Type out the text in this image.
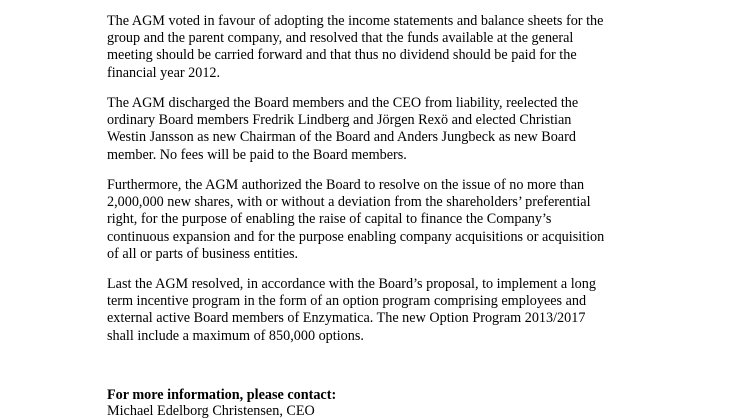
The AGM voted in favour of adopting the income statements and balance sheets for the
group and the parent company, and resolved that the funds available at the general
meeting should be carried forward and that thus no dividend should be paid for the
financial year 2012.

The AGM discharged the Board members and the CEO from liability, reelected the
ordinary Board members Fredrik Lindberg and Jörgen Rexö and elected Christian
Westin Jansson as new Chairman of the Board and Anders Jungbeck as new Board
member. No fees will be paid to the Board members.

Furthermore, the AGM authorized the Board to resolve on the issue of no more than
2,000,000 new shares, with or without a deviation from the shareholders’ preferential
right, for the purpose of enabling the raise of capital to finance the Company’s
continuous expansion and for the purpose enabling company acquisitions or acquisition
of all or parts of business entities.

Last the AGM resolved, in accordance with the Board’s proposal, to implement a long
term incentive program in the form of an option program comprising employees and
external active Board members of Enzymatica. The new Option Program 2013/2017
shall include a maximum of 850,000 options.

For more information, please contact:

Michael Edelborg Christensen, CEO
